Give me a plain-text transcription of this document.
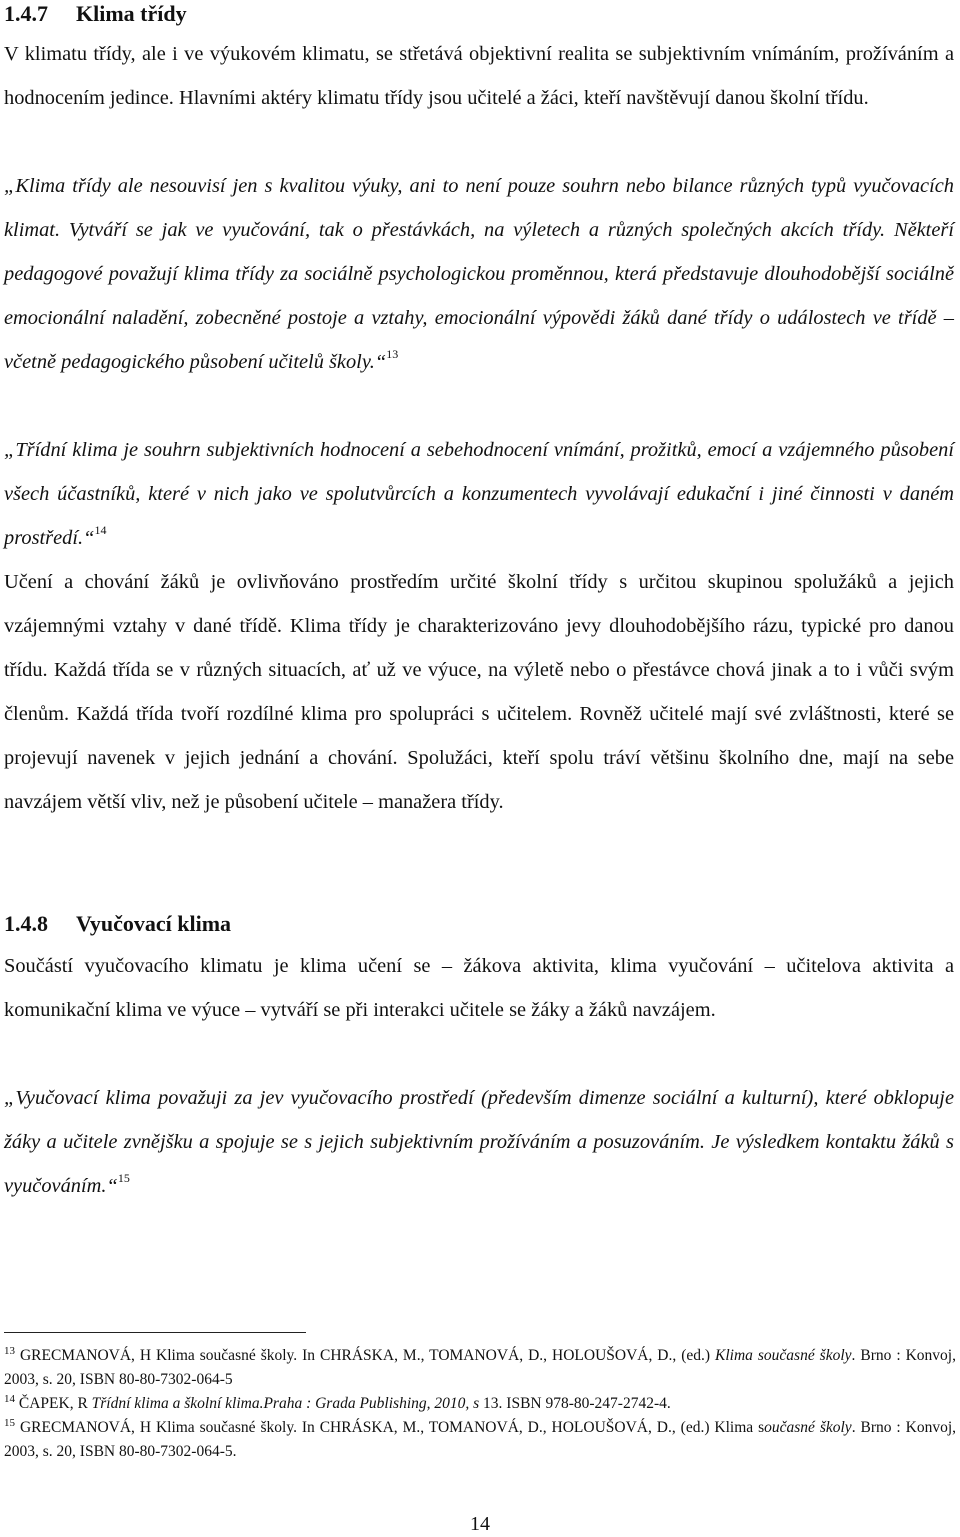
1.4.7 Klima třídy

V klimatu třídy, ale i ve výukovém klimatu, se střetává objektivní realita se subjektivním vnímáním, prožíváním a hodnocením jedince. Hlavními aktéry klimatu třídy jsou učitelé a žáci, kteří navštěvují danou školní třídu.

„Klima třídy ale nesouvisí jen s kvalitou výuky, ani to není pouze souhrn nebo bilance různých typů vyučovacích klimat. Vytváří se jak ve vyučování, tak o přestávkách, na výletech a různých společných akcích třídy. Někteří pedagogové považují klima třídy za sociálně psychologickou proměnnou, která představuje dlouhodobější sociálně emocionální naladění, zobecněné postoje a vztahy, emocionální výpovědi žáků dané třídy o událostech ve třídě – včetně pedagogického působení učitelů školy.“$^{13}$

„Třídní klima je souhrn subjektivních hodnocení a sebehodnocení vnímání, prožitků, emocí a vzájemného působení všech účastníků, které v nich jako ve spolutvůrcích a konzumentech vyvolávají edukační i jiné činnosti v daném prostředí.“$^{14}$

Učení a chování žáků je ovlivňováno prostředím určité školní třídy s určitou skupinou spolužáků a jejich vzájemnými vztahy v dané třídě. Klima třídy je charakterizováno jevy dlouhodobějšího rázu, typické pro danou třídu. Každá třída se v různých situacích, ať už ve výuce, na výletě nebo o přestávce chová jinak a to i vůči svým členům. Každá třída tvoří rozdílné klima pro spolupráci s učitelem. Rovněž učitelé mají své zvláštnosti, které se projevují navenek v jejich jednání a chování. Spolužáci, kteří spolu tráví většinu školního dne, mají na sebe navzájem větší vliv, než je působení učitele – manažera třídy.

1.4.8 Vyučovací klima

Součástí vyučovacího klimatu je klima učení se – žákova aktivita, klima vyučování – učitelova aktivita a komunikační klima ve výuce – vytváří se při interakci učitele se žáky a žáků navzájem.

„Vyučovací klima považuji za jev vyučovacího prostředí (především dimenze sociální a kulturní), které obklopuje žáky a učitele zvnějšku a spojuje se s jejich subjektivním prožíváním a posuzováním. Je výsledkem kontaktu žáků s vyučováním.“$^{15}$

$^{13}$ GRECMANOVÁ, H Klima současné školy. In CHRÁSKA, M., TOMANOVÁ, D., HOLOUŠOVÁ, D., (ed.) Klima současné školy. Brno : Konvoj, 2003, s. 20, ISBN 80-80-7302-064-5

$^{14}$ ČAPEK, R Třídní klima a školní klima.Praha : Grada Publishing, 2010, s 13. ISBN 978-80-247-2742-4.

$^{15}$ GRECMANOVÁ, H Klima současné školy. In CHRÁSKA, M., TOMANOVÁ, D., HOLOUŠOVÁ, D., (ed.) Klima současné školy. Brno : Konvoj, 2003, s. 20, ISBN 80-80-7302-064-5.

14
